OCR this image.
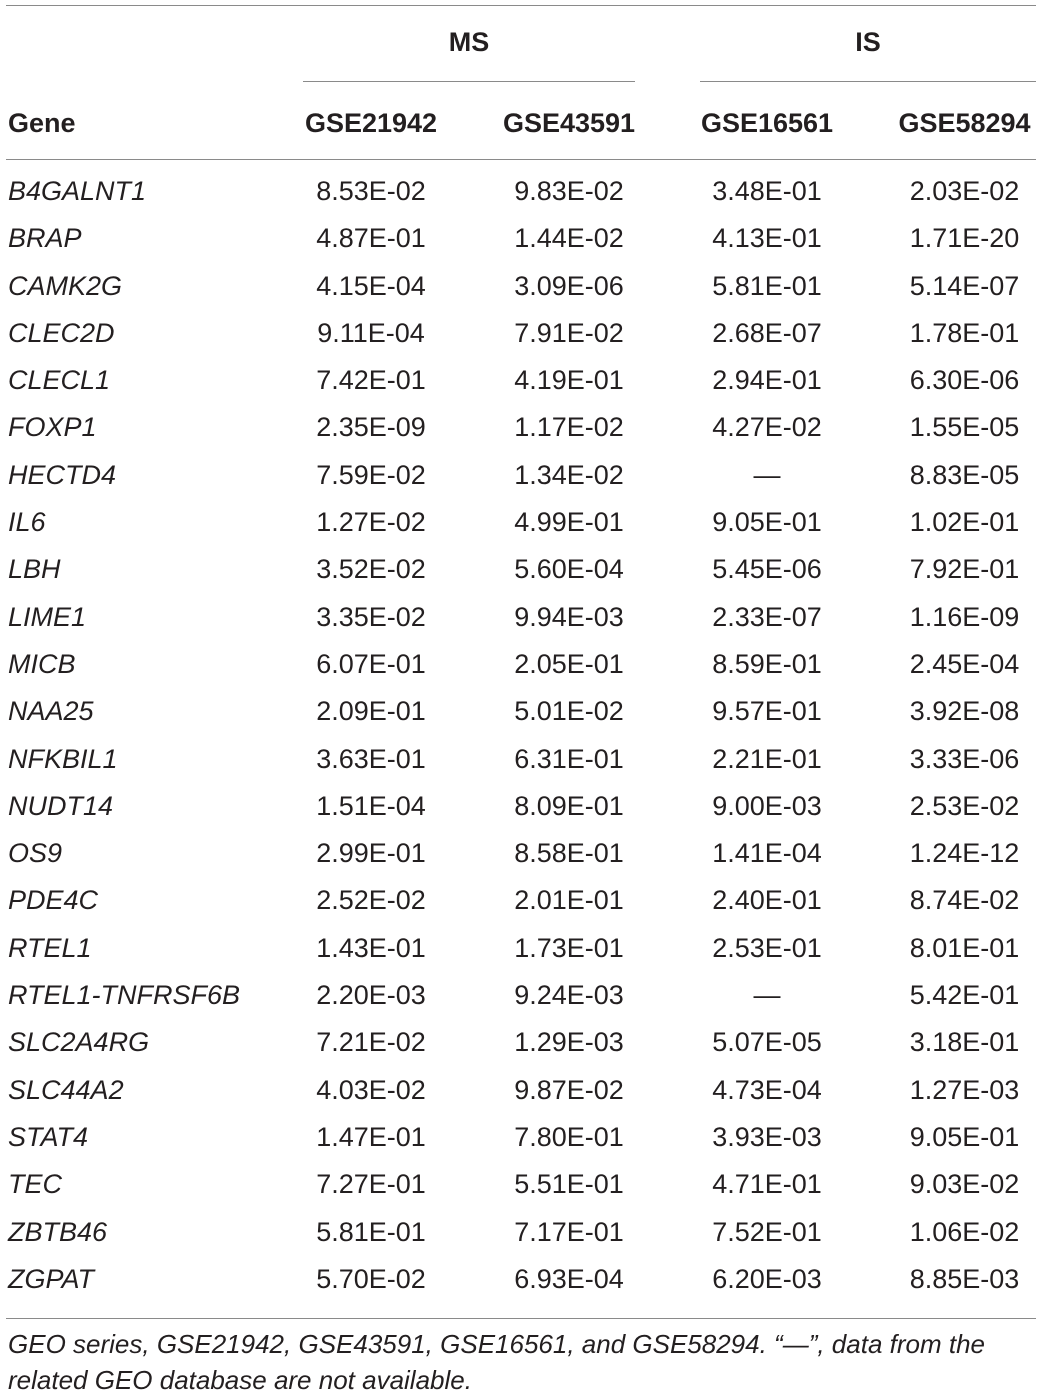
MS	IS
Gene	GSE21942 GSE43591 GSE16561 GSE58294
B4GALNT1	8.53E-02	9.83E-02	3.48E-01	2.03E-02
BRAP	4.87E-01	1.44E-02	4.13E-01	1.71E-20
CAMK2G	4.15E-04	3.09E-06	5.81E-01	5.14E-07
CLEC2D	9.11E-04	7.91E-02	2.68E-07	1.78E-01
CLECL1	7.42E-01	4.19E-01	2.94E-01	6.30E-06
FOXP1	2.35E-09	1.17E-02	4.27E-02	1.55E-05
HECTD4	7.59E-02	1.34E-02	—	8.83E-05
IL6	1.27E-02	4.99E-01	9.05E-01	1.02E-01
LBH	3.52E-02	5.60E-04	5.45E-06	7.92E-01
LIME1	3.35E-02	9.94E-03	2.33E-07	1.16E-09
MICB	6.07E-01	2.05E-01	8.59E-01	2.45E-04
NAA25	2.09E-01	5.01E-02	9.57E-01	3.92E-08
NFKBIL1	3.63E-01	6.31E-01	2.21E-01	3.33E-06
NUDT14	1.51E-04	8.09E-01	9.00E-03	2.53E-02
OS9	2.99E-01	8.58E-01	1.41E-04	1.24E-12
PDE4C	2.52E-02	2.01E-01	2.40E-01	8.74E-02
RTEL1	1.43E-01	1.73E-01	2.53E-01	8.01E-01
RTEL1-TNFRSF6B	2.20E-03	9.24E-03	—	5.42E-01
SLC2A4RG	7.21E-02	1.29E-03	5.07E-05	3.18E-01
SLC44A2	4.03E-02	9.87E-02	4.73E-04	1.27E-03
STAT4	1.47E-01	7.80E-01	3.93E-03	9.05E-01
TEC	7.27E-01	5.51E-01	4.71E-01	9.03E-02
ZBTB46	5.81E-01	7.17E-01	7.52E-01	1.06E-02
ZGPAT	5.70E-02	6.93E-04	6.20E-03	8.85E-03
GEO series, GSE21942, GSE43591, GSE16561, and GSE58294. “—”, data from the related GEO database are not available.
